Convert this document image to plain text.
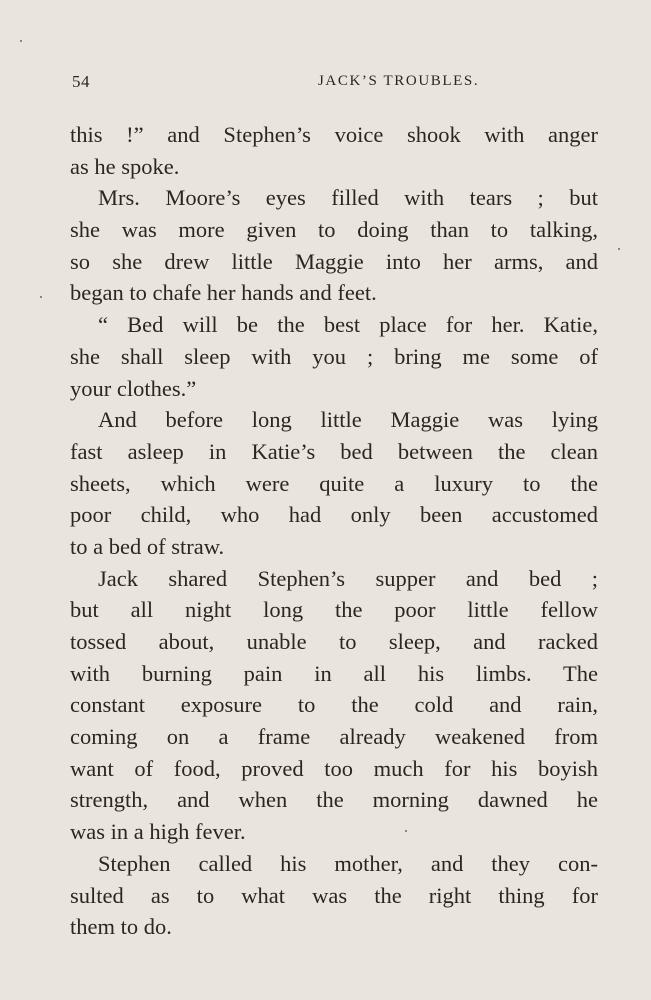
54	JACK’S TROUBLES.
this !” and Stephen’s voice shook with anger
as he spoke.
Mrs. Moore’s eyes filled with tears ; but
she was more given to doing than to talking,
so she drew little Maggie into her arms, and
began to chafe her hands and feet.
“ Bed will be the best place for her. Katie,
she shall sleep with you ; bring me some of
your clothes.”
And before long little Maggie was lying
fast asleep in Katie’s bed between the clean
sheets, which were quite a luxury to the
poor child, who had only been accustomed
to a bed of straw.
Jack shared Stephen’s supper and bed ;
but all night long the poor little fellow
tossed about, unable to sleep, and racked
with burning pain in all his limbs. The
constant exposure to the cold and rain,
coming on a frame already weakened from
want of food, proved too much for his boyish
strength, and when the morning dawned he
was in a high fever.
Stephen called his mother, and they con-
sulted as to what was the right thing for
them to do.
